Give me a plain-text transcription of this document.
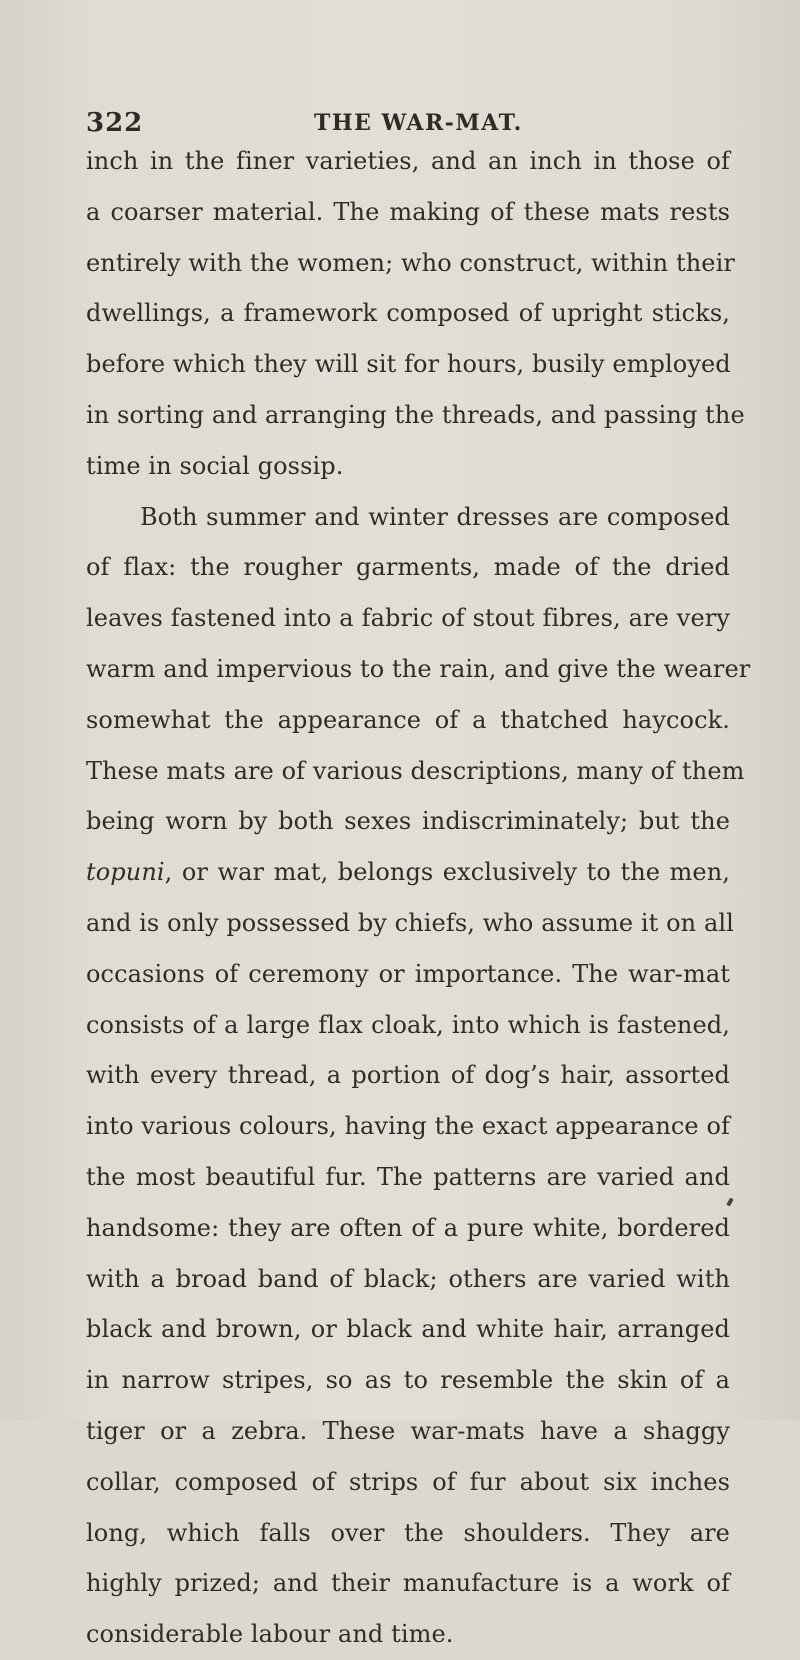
322	THE WAR-MAT.

inch in the finer varieties, and an inch in those of
a coarser material. The making of these mats rests
entirely with the women; who construct, within their
dwellings, a framework composed of upright sticks,
before which they will sit for hours, busily employed
in sorting and arranging the threads, and passing the
time in social gossip.

Both summer and winter dresses are composed
of flax: the rougher garments, made of the dried
leaves fastened into a fabric of stout fibres, are very
warm and impervious to the rain, and give the wearer
somewhat the appearance of a thatched haycock.
These mats are of various descriptions, many of them
being worn by both sexes indiscriminately; but the
topuni, or war mat, belongs exclusively to the men,
and is only possessed by chiefs, who assume it on all
occasions of ceremony or importance. The war-mat
consists of a large flax cloak, into which is fastened,
with every thread, a portion of dog’s hair, assorted
into various colours, having the exact appearance of
the most beautiful fur. The patterns are varied and
handsome: they are often of a pure white, bordered
with a broad band of black; others are varied with
black and brown, or black and white hair, arranged
in narrow stripes, so as to resemble the skin of a
tiger or a zebra. These war-mats have a shaggy
collar, composed of strips of fur about six inches
long, which falls over the shoulders. They are
highly prized; and their manufacture is a work of
considerable labour and time.
